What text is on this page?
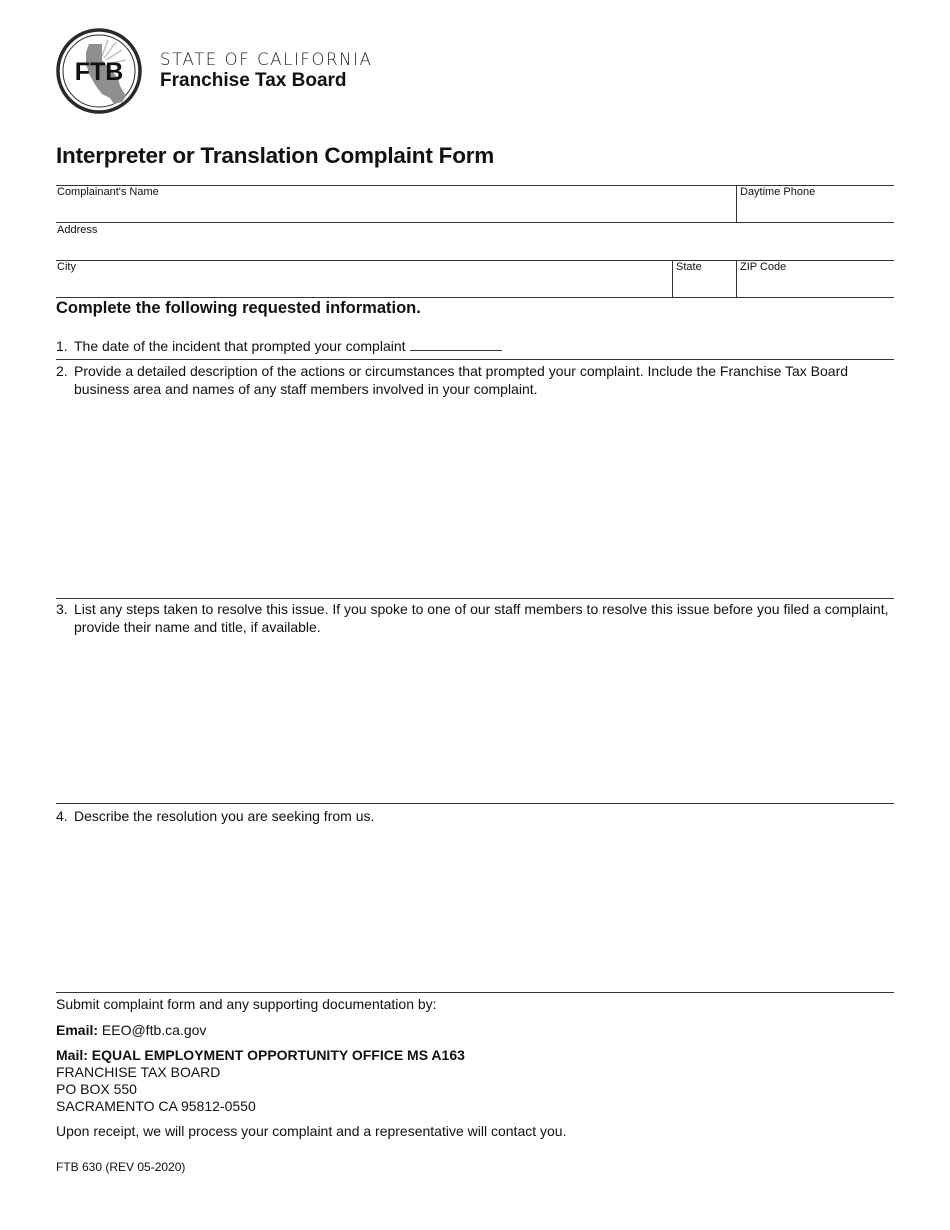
FTB STATE OF CALIFORNIA
Franchise Tax Board
Interpreter or Translation Complaint Form
Complainant's Name	Daytime Phone
Address
City	State	ZIP Code
Complete the following requested information.
1. The date of the incident that prompted your complaint
2. Provide a detailed description of the actions or circumstances that prompted your complaint. Include the Franchise Tax Board business area and names of any staff members involved in your complaint.
3. List any steps taken to resolve this issue. If you spoke to one of our staff members to resolve this issue before you filed a complaint, provide their name and title, if available.
4. Describe the resolution you are seeking from us.
Submit complaint form and any supporting documentation by:
Email: EEO@ftb.ca.gov
Mail: EQUAL EMPLOYMENT OPPORTUNITY OFFICE MS A163
FRANCHISE TAX BOARD
PO BOX 550
SACRAMENTO CA 95812-0550
Upon receipt, we will process your complaint and a representative will contact you.
FTB 630 (REV 05-2020)
